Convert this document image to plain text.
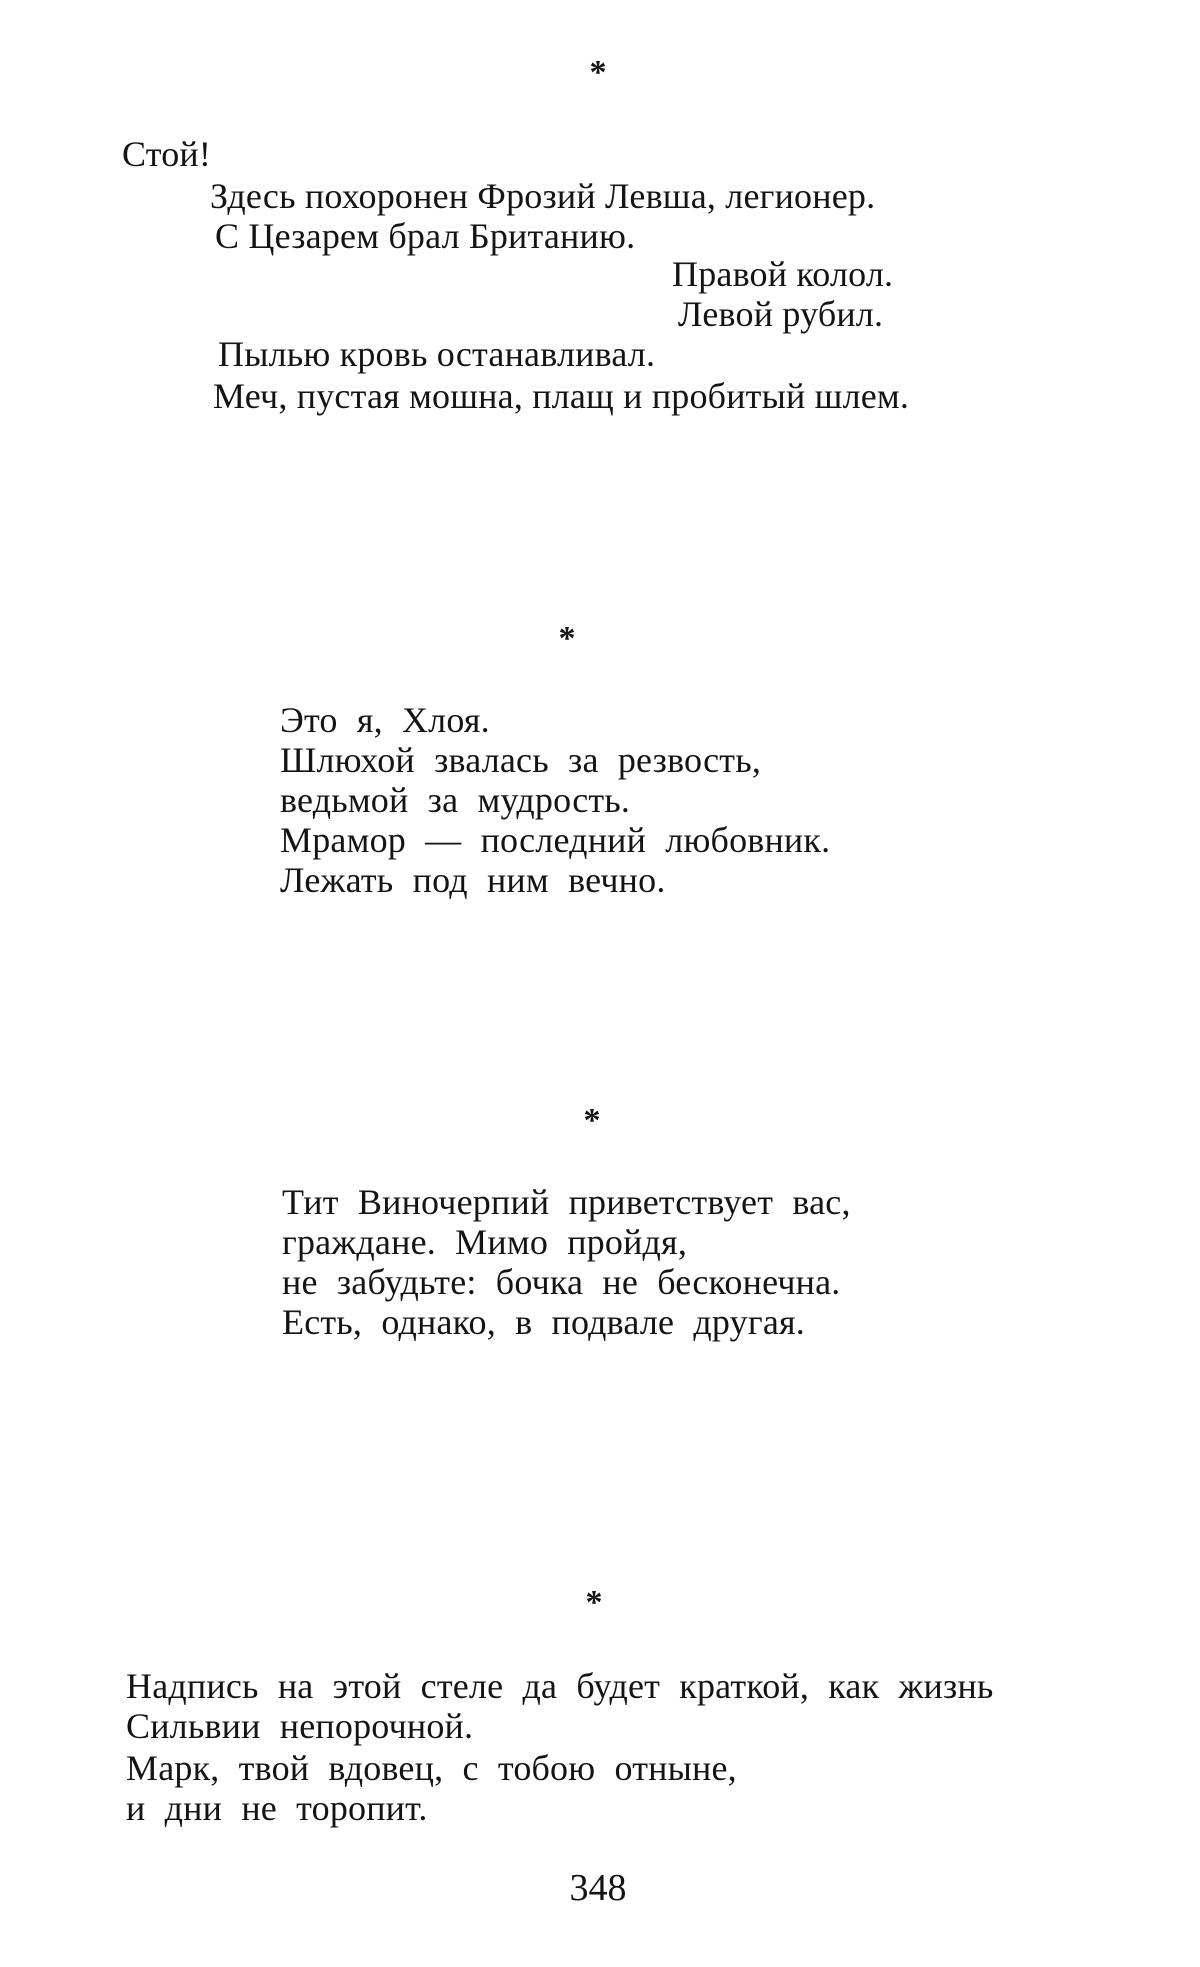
*
Стой!
Здесь похоронен Фрозий Левша, легионер.
С Цезарем брал Британию.
Правой колол.
Левой рубил.
Пылью кровь останавливал.
Меч, пустая мошна, плащ и пробитый шлем.
*
Это я, Хлоя.
Шлюхой звалась за резвость,
ведьмой за мудрость.
Мрамор — последний любовник.
Лежать под ним вечно.
*
Тит Виночерпий приветствует вас,
граждане. Мимо пройдя,
не забудьте: бочка не бесконечна.
Есть, однако, в подвале другая.
*
Надпись на этой стеле да будет краткой, как жизнь
Сильвии непорочной.
Марк, твой вдовец, с тобою отныне,
и дни не торопит.
348
